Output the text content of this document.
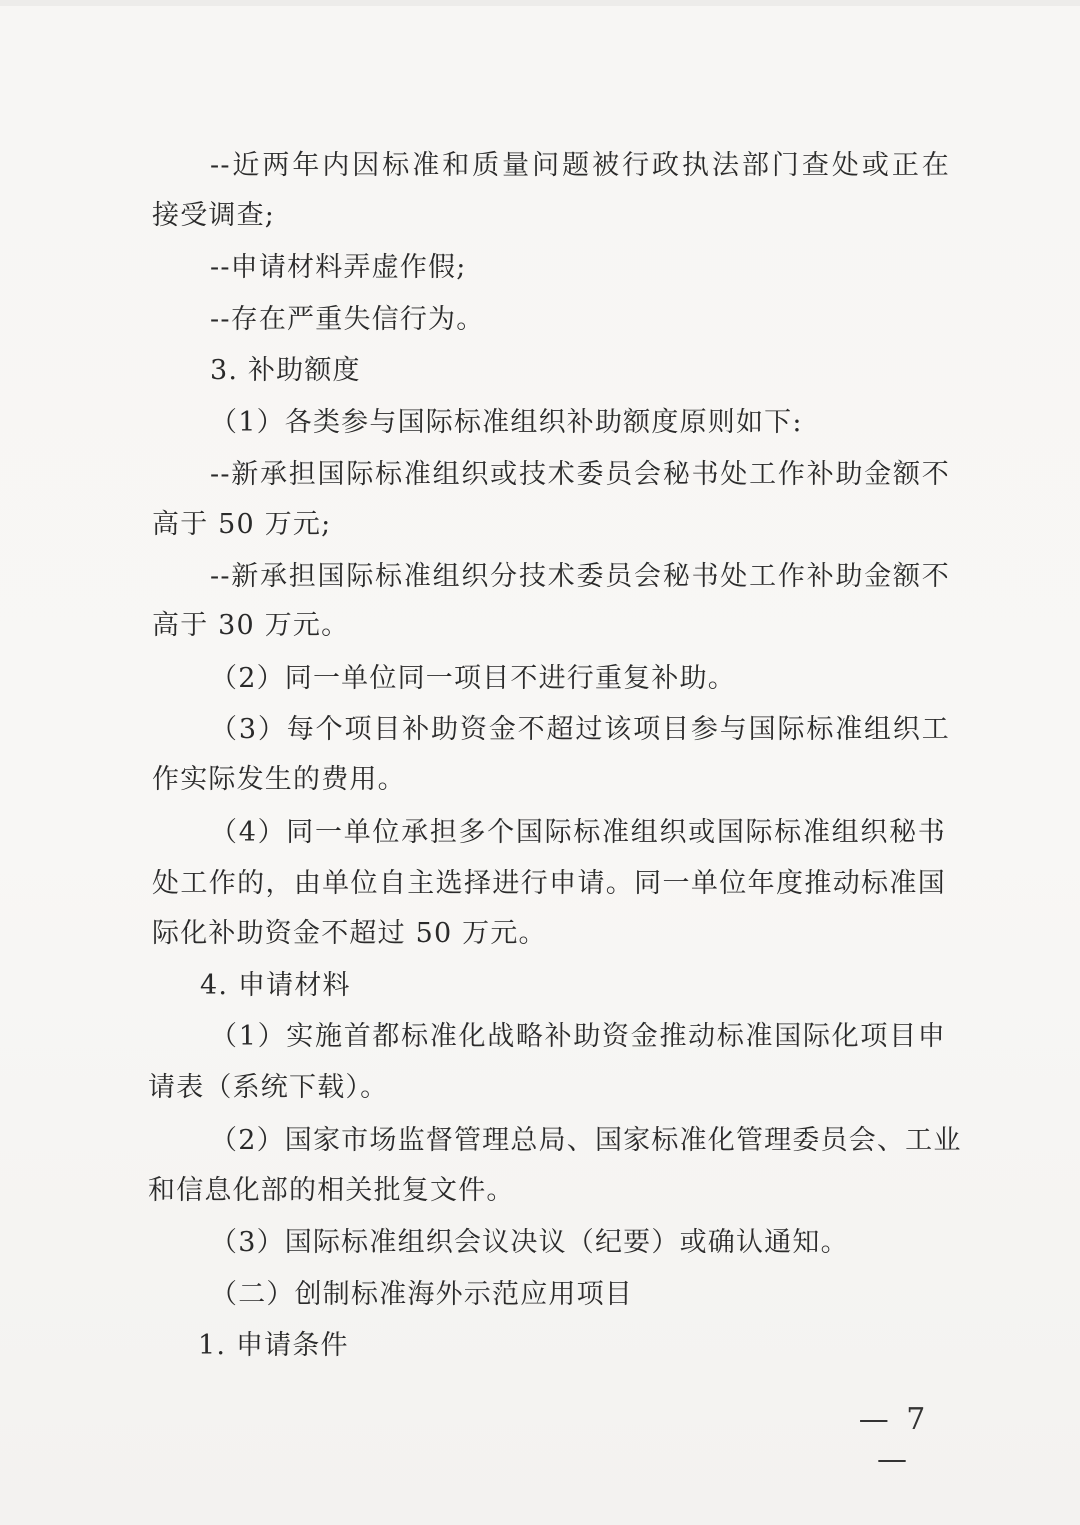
--近两年内因标准和质量问题被行政执法部门查处或正在

接受调查;

--申请材料弄虚作假;

--存在严重失信行为。

3. 补助额度

（1）各类参与国际标准组织补助额度原则如下:

--新承担国际标准组织或技术委员会秘书处工作补助金额不

高于 50 万元;

--新承担国际标准组织分技术委员会秘书处工作补助金额不

高于 30 万元。

（2）同一单位同一项目不进行重复补助。

（3）每个项目补助资金不超过该项目参与国际标准组织工

作实际发生的费用。

（4）同一单位承担多个国际标准组织或国际标准组织秘书

处工作的，由单位自主选择进行申请。同一单位年度推动标准国

际化补助资金不超过 50 万元。

4. 申请材料

（1）实施首都标准化战略补助资金推动标准国际化项目申

请表（系统下载）。

（2）国家市场监督管理总局、国家标准化管理委员会、工业

和信息化部的相关批复文件。

（3）国际标准组织会议决议（纪要）或确认通知。

（二）创制标准海外示范应用项目

1. 申请条件

— 7 —
